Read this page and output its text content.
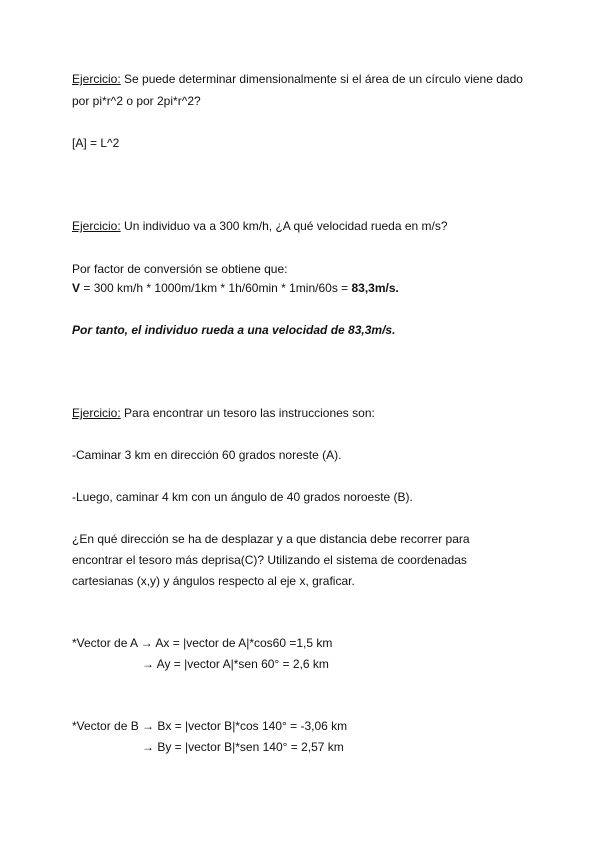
Ejercicio: Se puede determinar dimensionalmente si el área de un círculo viene dado
por pi*r^2 o por 2pi*r^2?
[A] = L^2
Ejercicio: Un individuo va a 300 km/h, ¿A qué velocidad rueda en m/s?
Por factor de conversión se obtiene que:
V = 300 km/h * 1000m/1km * 1h/60min * 1min/60s = 83,3m/s.
Por tanto, el individuo rueda a una velocidad de 83,3m/s.
Ejercicio: Para encontrar un tesoro las instrucciones son:
-Caminar 3 km en dirección 60 grados noreste (A).
-Luego, caminar 4 km con un ángulo de 40 grados noroeste (B).
¿En qué dirección se ha de desplazar y a que distancia debe recorrer para
encontrar el tesoro más deprisa(C)? Utilizando el sistema de coordenadas
cartesianas (x,y) y ángulos respecto al eje x, graficar.
*Vector de A → Ax = |vector de A|*cos60 =1,5 km
→ Ay = |vector A|*sen 60° = 2,6 km
*Vector de B → Bx = |vector B|*cos 140° = -3,06 km
→ By = |vector B|*sen 140° = 2,57 km
